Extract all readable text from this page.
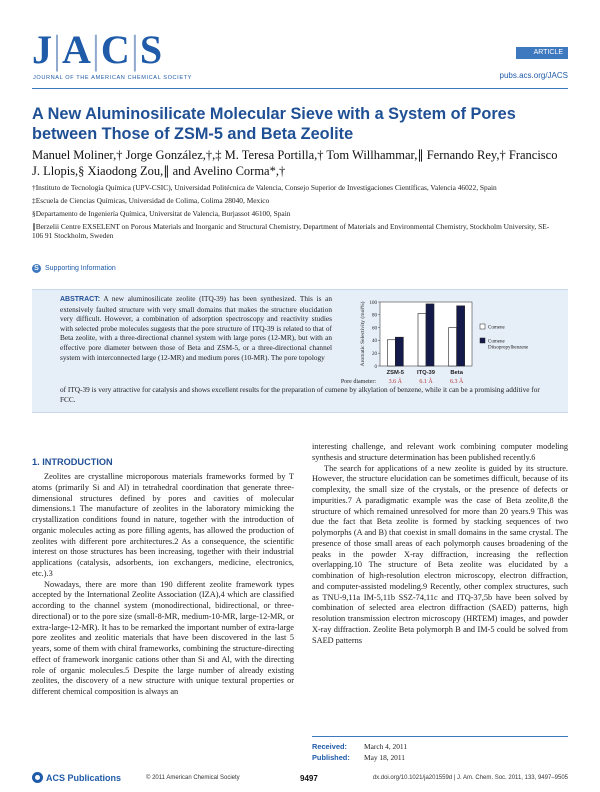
J|A|C|S
JOURNAL OF THE AMERICAN CHEMICAL SOCIETY
ARTICLE
pubs.acs.org/JACS
A New Aluminosilicate Molecular Sieve with a System of Pores between Those of ZSM-5 and Beta Zeolite
Manuel Moliner,† Jorge González,†,‡ M. Teresa Portilla,† Tom Willhammar,∥ Fernando Rey,† Francisco J. Llopis,§ Xiaodong Zou,∥ and Avelino Corma*,†

†Instituto de Tecnología Química (UPV-CSIC), Universidad Politécnica de Valencia, Consejo Superior de Investigaciones Científicas, Valencia 46022, Spain

‡Escuela de Ciencias Químicas, Universidad de Colima, Colima 28040, Mexico

§Departamento de Ingeniería Química, Universitat de Valencia, Burjassot 46100, Spain

∥Berzelii Centre EXSELENT on Porous Materials and Inorganic and Structural Chemistry, Department of Materials and Environmental Chemistry, Stockholm University, SE-106 91 Stockholm, Sweden

S Supporting Information
ABSTRACT: A new aluminosilicate zeolite (ITQ-39) has been synthesized. This is an extensively faulted structure with very small domains that makes the structure elucidation very difficult. However, a combination of adsorption spectroscopy and reactivity studies with selected probe molecules suggests that the pore structure of ITQ-39 is related to that of Beta zeolite, with a three-directional channel system with large pores (12-MR), but with an effective pore diameter between those of Beta and ZSM-5, or a three-directional channel system with interconnected large (12-MR) and medium pores (10-MR). The pore topology
0
20
40
60
80
100
Aromatic Selectivity (mol%)
ZSM-5
3.6 Å
ITQ-39
6.1 Å
Beta
6.3 Å
Pore diameter:
Cumene
Cumene
Diisopropylbenzene
of ITQ-39 is very attractive for catalysis and shows excellent results for the preparation of cumene by alkylation of benzene, while it can be a promising additive for FCC.
1. INTRODUCTION

Zeolites are crystalline microporous materials frameworks formed by T atoms (primarily Si and Al) in tetrahedral coordination that generate three-dimensional structures defined by pores and cavities of molecular dimensions.1 The manufacture of zeolites in the laboratory mimicking the crystallization conditions found in nature, together with the introduction of organic molecules acting as pore filling agents, has allowed the production of zeolites with different pore architectures.2 As a consequence, the scientific interest on those structures has been increasing, together with their industrial applications (catalysis, adsorbents, ion exchangers, medicine, electronics, etc.).3

Nowadays, there are more than 190 different zeolite framework types accepted by the International Zeolite Association (IZA),4 which are classified according to the channel system (monodirectional, bidirectional, or three-directional) or to the pore size (small-8-MR, medium-10-MR, large-12-MR, or extra-large-12-MR). It has to be remarked the important number of extra-large pore zeolites and zeolitic materials that have been discovered in the last 5 years, some of them with chiral frameworks, combining the structure-directing effect of framework inorganic cations other than Si and Al, with the directing role of organic molecules.5 Despite the large number of already existing zeolites, the discovery of a new structure with unique textural properties or different chemical composition is always an

interesting challenge, and relevant work combining computer modeling synthesis and structure determination has been published recently.6

The search for applications of a new zeolite is guided by its structure. However, the structure elucidation can be sometimes difficult, because of its complexity, the small size of the crystals, or the presence of defects or impurities.7 A paradigmatic example was the case of Beta zeolite,8 the structure of which remained unresolved for more than 20 years.9 This was due the fact that Beta zeolite is formed by stacking sequences of two polymorphs (A and B) that coexist in small domains in the same crystal. The presence of those small areas of each polymorph causes broadening of the peaks in the powder X-ray diffraction, increasing the reflection overlapping.10 The structure of Beta zeolite was elucidated by a combination of high-resolution electron microscopy, electron diffraction, and computer-assisted modeling.9 Recently, other complex structures, such as TNU-9,11a IM-5,11b SSZ-74,11c and ITQ-37,5b have been solved by combination of selected area electron diffraction (SAED) patterns, high resolution transmission electron microscopy (HRTEM) images, and powder X-ray diffraction. Zeolite Beta polymorph B and IM-5 could be solved from SAED patterns

Received:	March 4, 2011
Published:	May 18, 2011
ACS Publications	© 2011 American Chemical Society	9497	dx.doi.org/10.1021/ja201559d | J. Am. Chem. Soc. 2011, 133, 9497–9505
